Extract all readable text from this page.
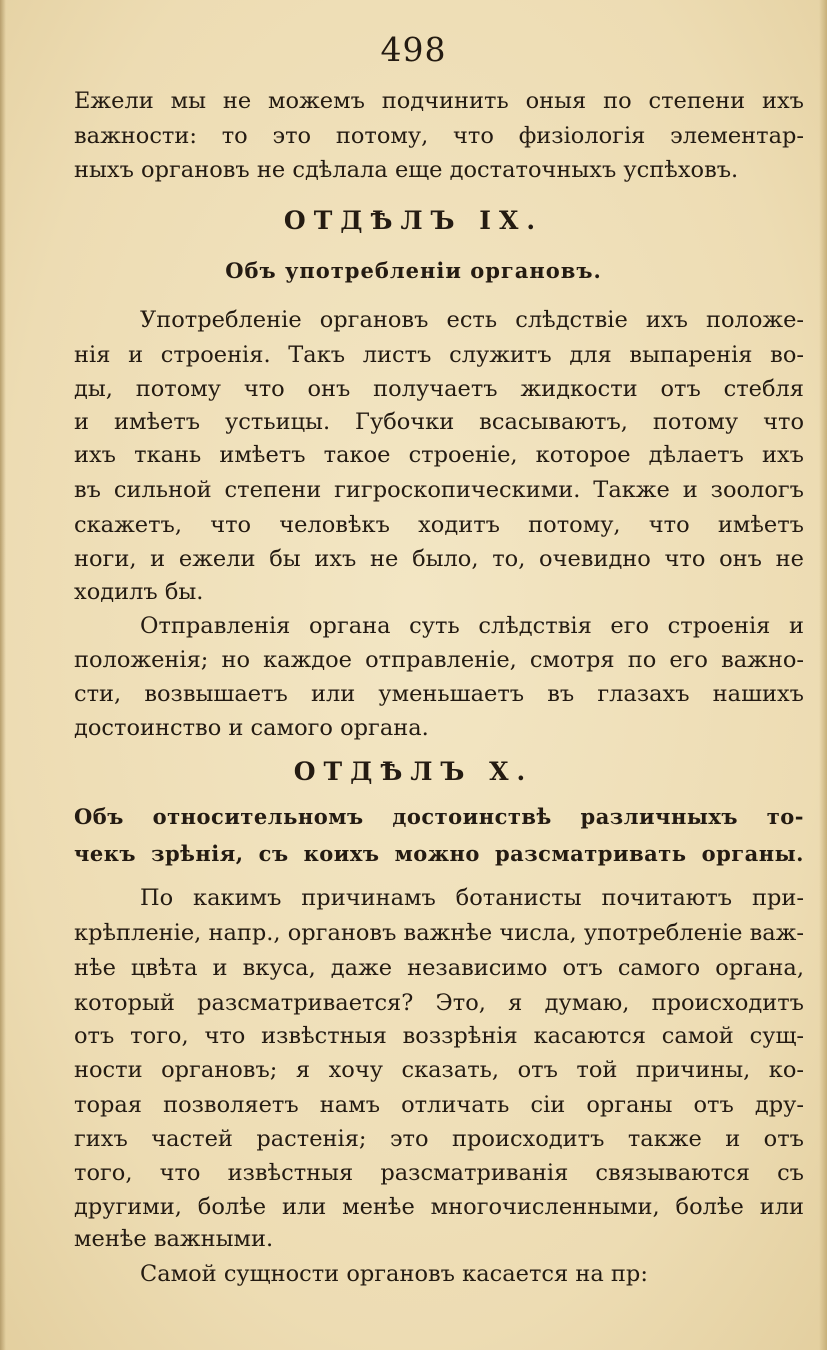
498
Ежели мы не можемъ подчинить оныя по степени ихъ
важности: то это потому, что физіологія элементар-
ныхъ органовъ не сдѣлала еще достаточныхъ успѣховъ.
ОТДѢЛЪ IX.
Объ употребленіи органовъ.
Употребленіе органовъ есть слѣдствіе ихъ положе-
нія и строенія. Такъ листъ служитъ для выпаренія во-
ды, потому что онъ получаетъ жидкости отъ стебля
и имѣетъ устьицы. Губочки всасываютъ, потому что
ихъ ткань имѣетъ такое строеніе, которое дѣлаетъ ихъ
въ сильной степени гигроскопическими. Также и зоологъ
скажетъ, что человѣкъ ходитъ потому, что имѣетъ
ноги, и ежели бы ихъ не было, то, очевидно что онъ не
ходилъ бы.
Отправленія органа суть слѣдствія его строенія и
положенія; но каждое отправленіе, смотря по его важно-
сти, возвышаетъ или уменьшаетъ въ глазахъ нашихъ
достоинство и самого органа.
ОТДѢЛЪ X.
Объ относительномъ достоинствѣ различныхъ то-
чекъ зрѣнія, съ коихъ можно разсматривать органы.
По какимъ причинамъ ботанисты почитаютъ при-
крѣпленіе, напр., органовъ важнѣе числа, употребленіе важ-
нѣе цвѣта и вкуса, даже независимо отъ самого органа,
который разсматривается? Это, я думаю, происходитъ
отъ того, что извѣстныя воззрѣнія касаются самой сущ-
ности органовъ; я хочу сказать, отъ той причины, ко-
торая позволяетъ намъ отличать сіи органы отъ дру-
гихъ частей растенія; это происходитъ также и отъ
того, что извѣстныя разсматриванія связываются съ
другими, болѣе или менѣе многочисленными, болѣе или
менѣе важными.
Самой сущности органовъ касается на пр:
